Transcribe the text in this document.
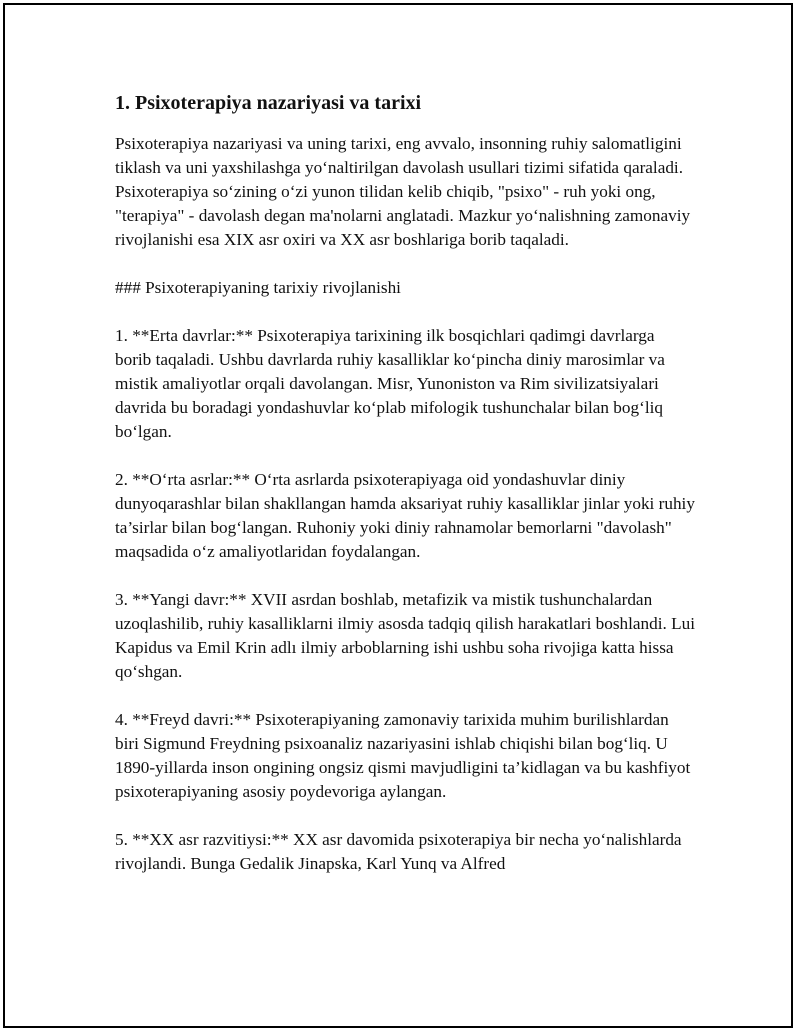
1. Psixoterapiya nazariyasi va tarixi

Psixoterapiya nazariyasi va uning tarixi, eng avvalo, insonning ruhiy salomatligini tiklash va uni yaxshilashga yo‘naltirilgan davolash usullari tizimi sifatida qaraladi. Psixoterapiya so‘zining o‘zi yunon tilidan kelib chiqib, "psixo" - ruh yoki ong, "terapiya" - davolash degan ma'nolarni anglatadi. Mazkur yo‘nalishning zamonaviy rivojlanishi esa XIX asr oxiri va XX asr boshlariga borib taqaladi.

### Psixoterapiyaning tarixiy rivojlanishi

1. **Erta davrlar:** Psixoterapiya tarixining ilk bosqichlari qadimgi davrlarga borib taqaladi. Ushbu davrlarda ruhiy kasalliklar ko‘pincha diniy marosimlar va mistik amaliyotlar orqali davolangan. Misr, Yunoniston va Rim sivilizatsiyalari davrida bu boradagi yondashuvlar ko‘plab mifologik tushunchalar bilan bog‘liq bo‘lgan.

2. **O‘rta asrlar:** O‘rta asrlarda psixoterapiyaga oid yondashuvlar diniy dunyoqarashlar bilan shakllangan hamda aksariyat ruhiy kasalliklar jinlar yoki ruhiy ta’sirlar bilan bog‘langan. Ruhoniy yoki diniy rahnamolar bemorlarni "davolash" maqsadida o‘z amaliyotlaridan foydalangan.

3. **Yangi davr:** XVII asrdan boshlab, metafizik va mistik tushunchalardan uzoqlashilib, ruhiy kasalliklarni ilmiy asosda tadqiq qilish harakatlari boshlandi. Lui Kapidus va Emil Krin adlı ilmiy arboblarning ishi ushbu soha rivojiga katta hissa qo‘shgan.

4. **Freyd davri:** Psixoterapiyaning zamonaviy tarixida muhim burilishlardan biri Sigmund Freydning psixoanaliz nazariyasini ishlab chiqishi bilan bog‘liq. U 1890-yillarda inson ongining ongsiz qismi mavjudligini ta’kidlagan va bu kashfiyot psixoterapiyaning asosiy poydevoriga aylangan.

5. **XX asr razvitiysi:** XX asr davomida psixoterapiya bir necha yo‘nalishlarda rivojlandi. Bunga Gedalik Jinapska, Karl Yunq va Alfred
